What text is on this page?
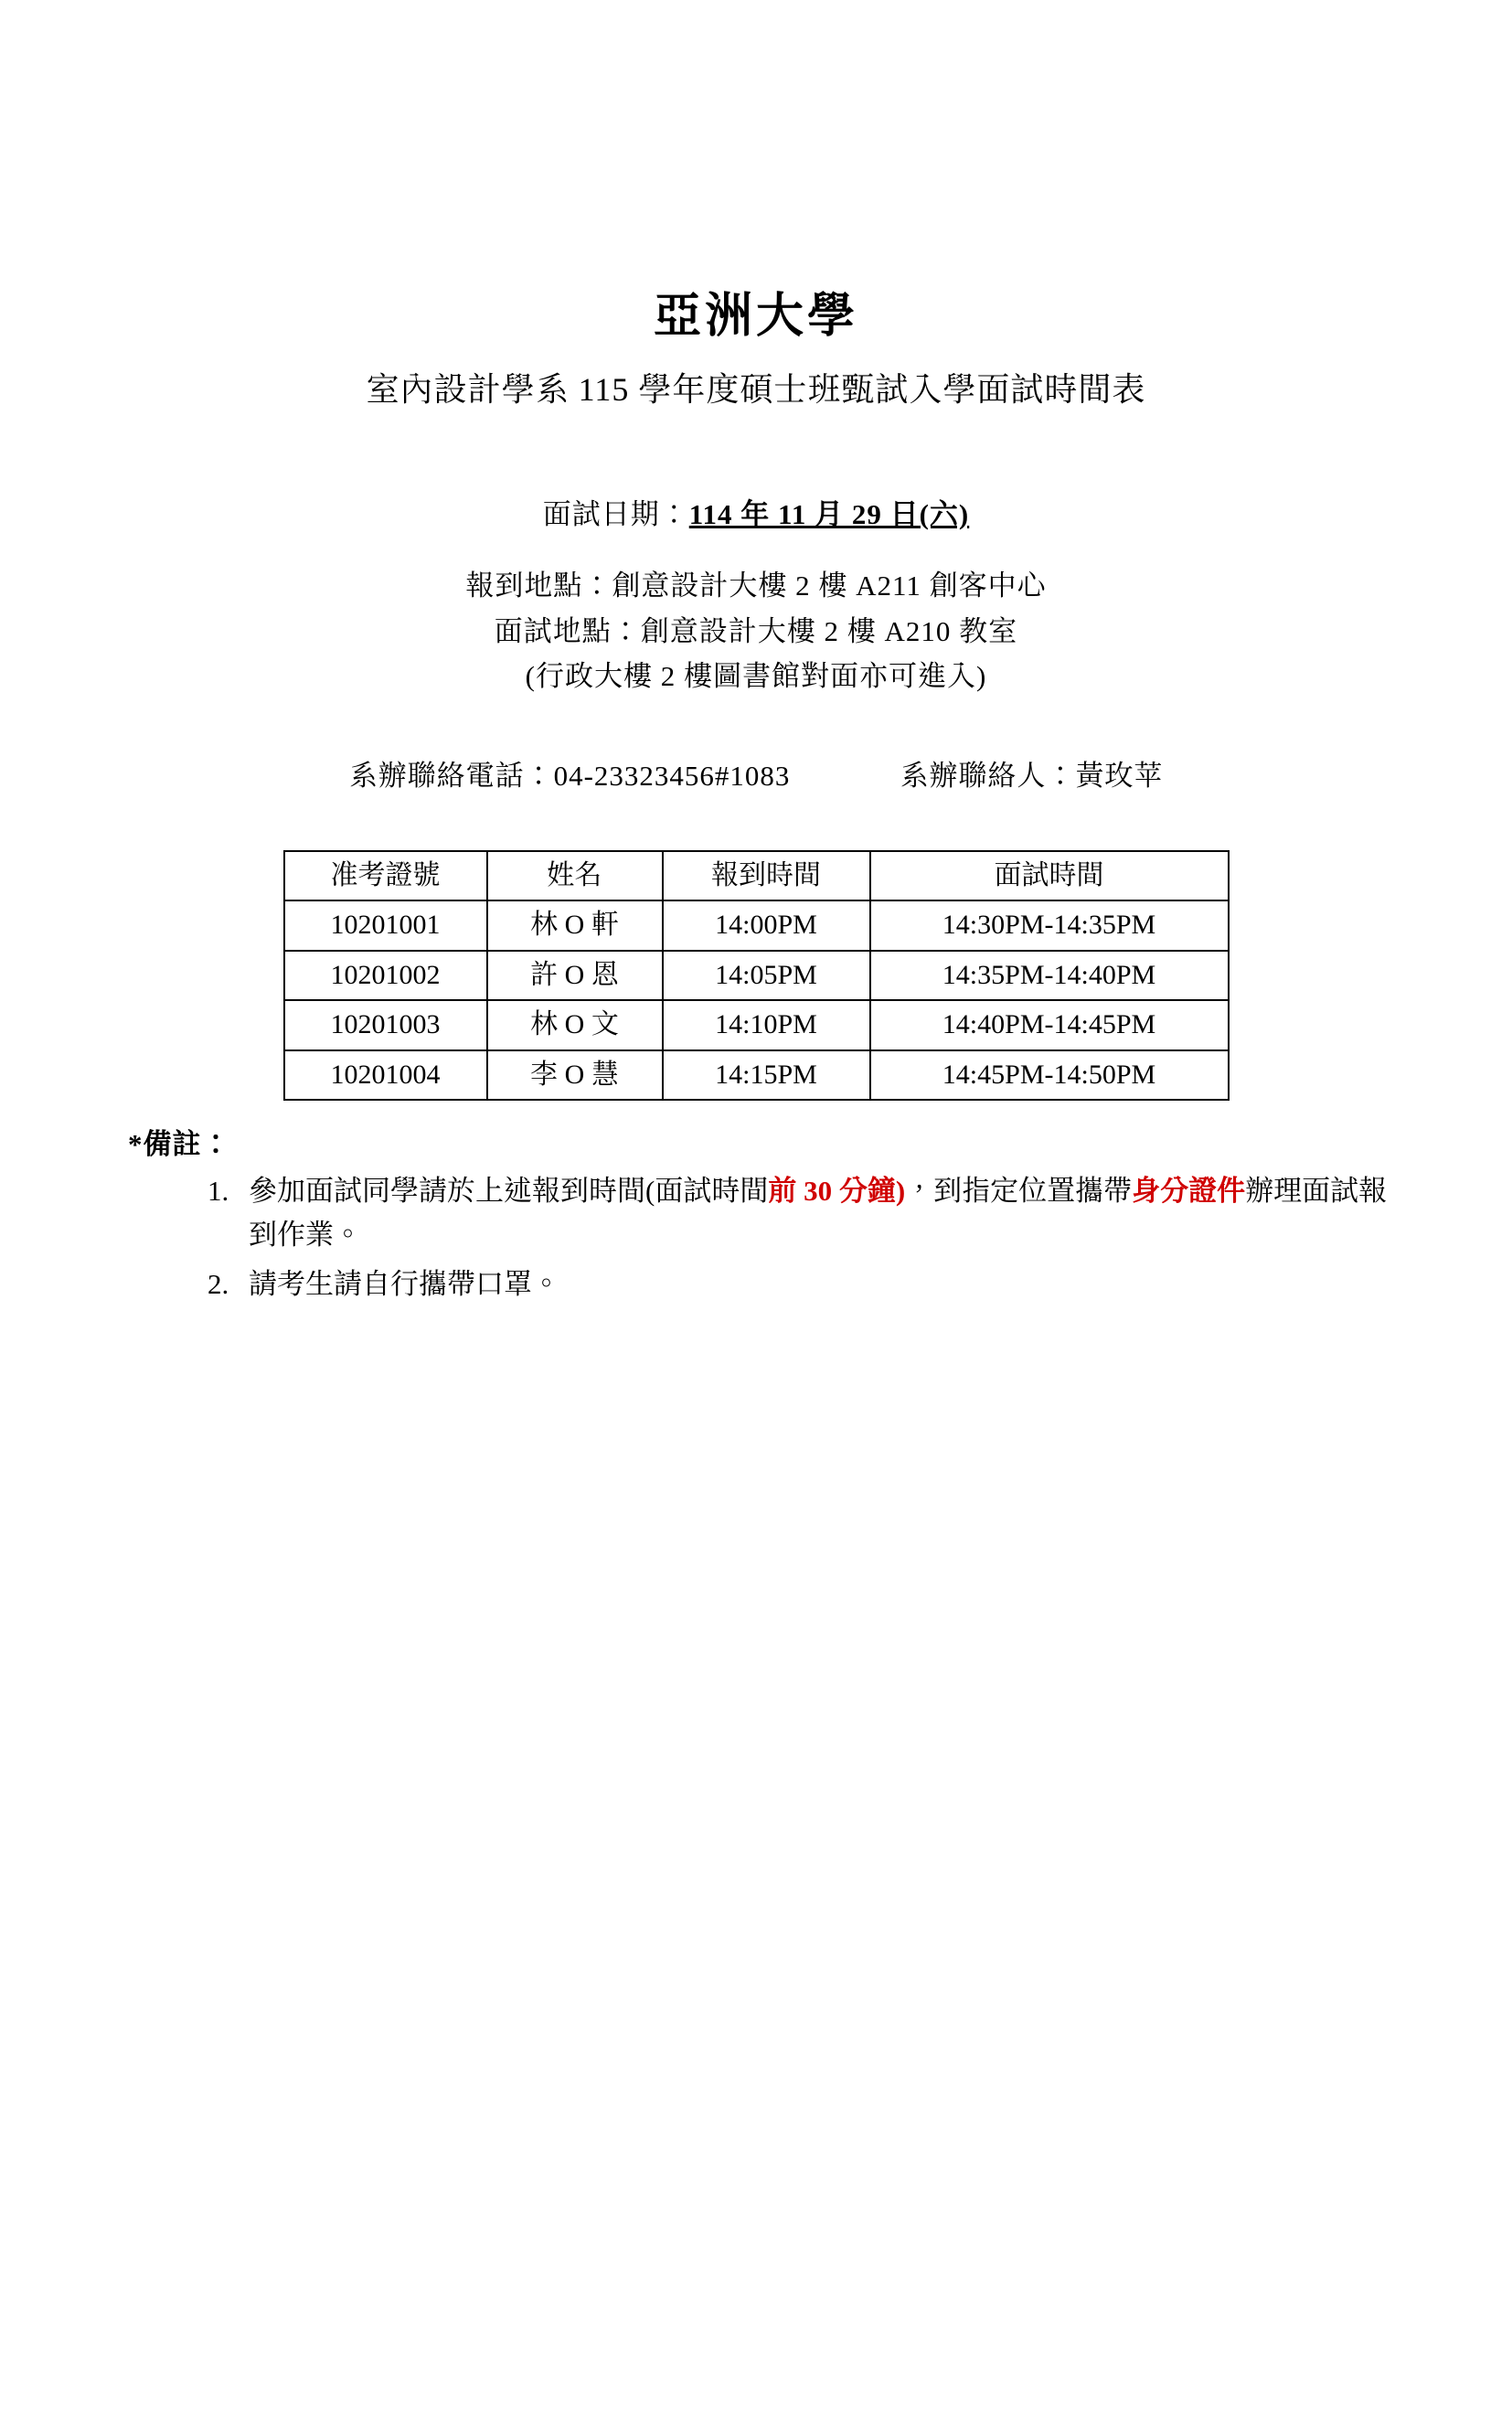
亞洲大學
室內設計學系 115 學年度碩士班甄試入學面試時間表
面試日期：114 年 11 月 29 日(六)
報到地點：創意設計大樓 2 樓 A211 創客中心
面試地點：創意設計大樓 2 樓 A210 教室
(行政大樓 2 樓圖書館對面亦可進入)
系辦聯絡電話：04-23323456#1083	系辦聯絡人：黃玫苹
准考證號	姓名	報到時間	面試時間
10201001	林 O 軒	14:00PM	14:30PM-14:35PM
10201002	許 O 恩	14:05PM	14:35PM-14:40PM
10201003	林 O 文	14:10PM	14:40PM-14:45PM
10201004	李 O 慧	14:15PM	14:45PM-14:50PM
*備註：
1. 參加面試同學請於上述報到時間(面試時間前 30 分鐘)，到指定位置攜帶身分證件辦理面試報到作業。
2. 請考生請自行攜帶口罩。
